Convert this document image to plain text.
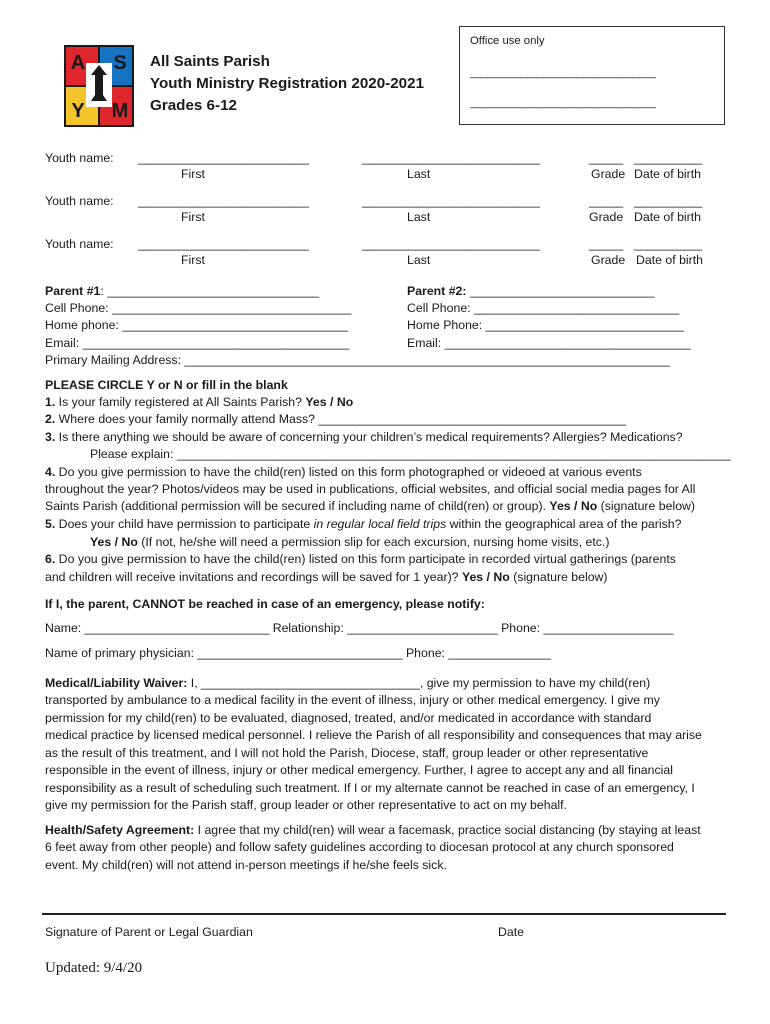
A S
Y M
All Saints Parish
Youth Ministry Registration 2020-2021
Grades 6-12
Office use only
_________________________________
_________________________________
Youth name: _________________________	__________________________	_____ __________
First	Last	Grade Date of birth
Youth name: _________________________	__________________________	_____ __________
First	Last	Grade Date of birth
Youth name: _________________________	__________________________	_____ __________
First	Last	Grade Date of birth
Parent #1: _______________________________
Cell Phone: ___________________________________
Home phone: _________________________________
Email: _______________________________________
Primary Mailing Address: _______________________________________________________________________
Parent #2: ___________________________
Cell Phone: ______________________________
Home Phone: _____________________________
Email: ____________________________________
PLEASE CIRCLE Y or N or fill in the blank
1. Is your family registered at All Saints Parish? Yes / No
2. Where does your family normally attend Mass? _____________________________________________
3. Is there anything we should be aware of concerning your children’s medical requirements? Allergies? Medications?
Please explain: _________________________________________________________________________________
4. Do you give permission to have the child(ren) listed on this form photographed or videoed at various events
throughout the year? Photos/videos may be used in publications, official websites, and official social media pages for All
Saints Parish (additional permission will be secured if including name of child(ren) or group). Yes / No (signature below)
5. Does your child have permission to participate in regular local field trips within the geographical area of the parish?
Yes / No (If not, he/she will need a permission slip for each excursion, nursing home visits, etc.)
6. Do you give permission to have the child(ren) listed on this form participate in recorded virtual gatherings (parents
and children will receive invitations and recordings will be saved for 1 year)? Yes / No (signature below)
If I, the parent, CANNOT be reached in case of an emergency, please notify:
Name: ___________________________ Relationship: ______________________ Phone: ___________________
Name of primary physician: ______________________________ Phone: _______________
Medical/Liability Waiver: I, ________________________________, give my permission to have my child(ren)
transported by ambulance to a medical facility in the event of illness, injury or other medical emergency. I give my
permission for my child(ren) to be evaluated, diagnosed, treated, and/or medicated in accordance with standard
medical practice by licensed medical personnel. I relieve the Parish of all responsibility and consequences that may arise
as the result of this treatment, and I will not hold the Parish, Diocese, staff, group leader or other representative
responsible in the event of illness, injury or other medical emergency. Further, I agree to accept any and all financial
responsibility as a result of scheduling such treatment. If I or my alternate cannot be reached in case of an emergency, I
give my permission for the Parish staff, group leader or other representative to act on my behalf.
Health/Safety Agreement: I agree that my child(ren) will wear a facemask, practice social distancing (by staying at least
6 feet away from other people) and follow safety guidelines according to diocesan protocol at any church sponsored
event. My child(ren) will not attend in-person meetings if he/she feels sick.
Signature of Parent or Legal Guardian	Date
Updated: 9/4/20
